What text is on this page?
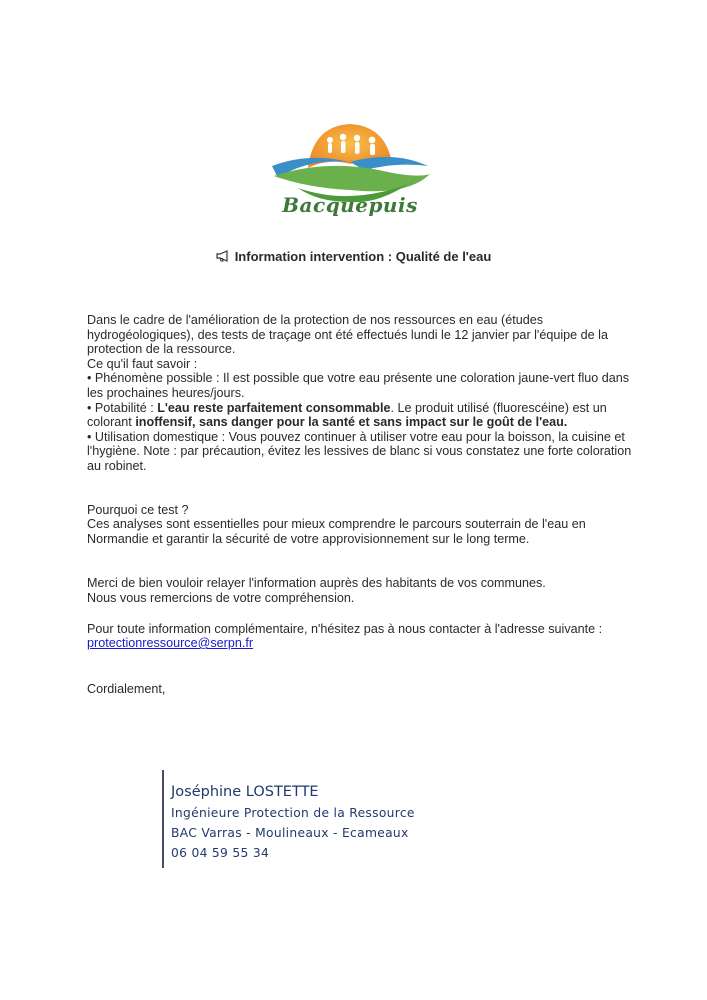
Bacquepuis
Information intervention : Qualité de l'eau

Dans le cadre de l'amélioration de la protection de nos ressources en eau (études hydrogéologiques), des tests de traçage ont été effectués lundi le 12 janvier par l'équipe de la protection de la ressource.

Ce qu'il faut savoir :

• Phénomène possible : Il est possible que votre eau présente une coloration jaune-vert fluo dans les prochaines heures/jours.

• Potabilité : L'eau reste parfaitement consommable. Le produit utilisé (fluorescéine) est un colorant inoffensif, sans danger pour la santé et sans impact sur le goût de l'eau.

• Utilisation domestique : Vous pouvez continuer à utiliser votre eau pour la boisson, la cuisine et l'hygiène. Note : par précaution, évitez les lessives de blanc si vous constatez une forte coloration au robinet.

Pourquoi ce test ?

Ces analyses sont essentielles pour mieux comprendre le parcours souterrain de l'eau en Normandie et garantir la sécurité de votre approvisionnement sur le long terme.

Merci de bien vouloir relayer l'information auprès des habitants de vos communes.

Nous vous remercions de votre compréhension.

Pour toute information complémentaire, n'hésitez pas à nous contacter à l'adresse suivante : protectionressource@serpn.fr

Cordialement,

Joséphine LOSTETTE
Ingénieure Protection de la Ressource
BAC Varras - Moulineaux - Ecameaux
06 04 59 55 34
